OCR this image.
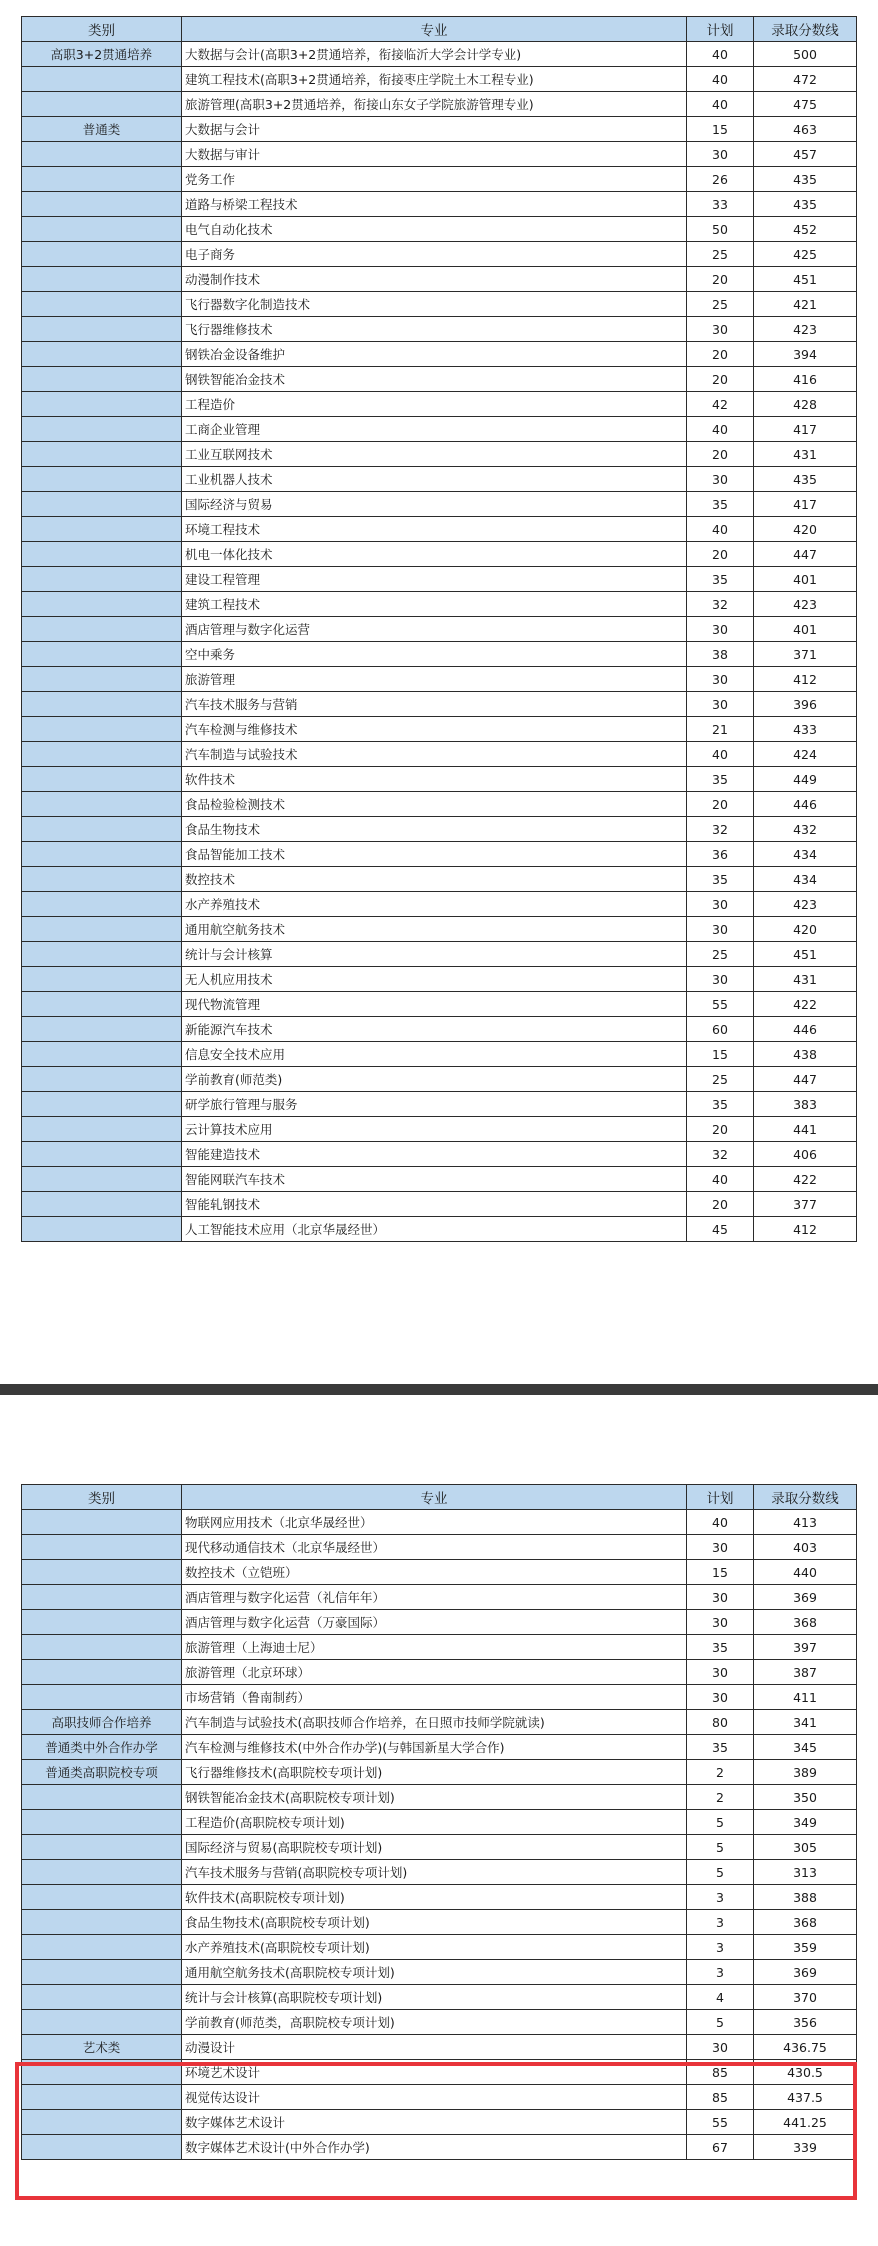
类别	专业	计划	录取分数线
高职3+2贯通培养	大数据与会计(高职3+2贯通培养，衔接临沂大学会计学专业)	40	500
	建筑工程技术(高职3+2贯通培养，衔接枣庄学院土木工程专业)	40	472
	旅游管理(高职3+2贯通培养，衔接山东女子学院旅游管理专业)	40	475
普通类	大数据与会计	15	463
	大数据与审计	30	457
	党务工作	26	435
	道路与桥梁工程技术	33	435
	电气自动化技术	50	452
	电子商务	25	425
	动漫制作技术	20	451
	飞行器数字化制造技术	25	421
	飞行器维修技术	30	423
	钢铁冶金设备维护	20	394
	钢铁智能冶金技术	20	416
	工程造价	42	428
	工商企业管理	40	417
	工业互联网技术	20	431
	工业机器人技术	30	435
	国际经济与贸易	35	417
	环境工程技术	40	420
	机电一体化技术	20	447
	建设工程管理	35	401
	建筑工程技术	32	423
	酒店管理与数字化运营	30	401
	空中乘务	38	371
	旅游管理	30	412
	汽车技术服务与营销	30	396
	汽车检测与维修技术	21	433
	汽车制造与试验技术	40	424
	软件技术	35	449
	食品检验检测技术	20	446
	食品生物技术	32	432
	食品智能加工技术	36	434
	数控技术	35	434
	水产养殖技术	30	423
	通用航空航务技术	30	420
	统计与会计核算	25	451
	无人机应用技术	30	431
	现代物流管理	55	422
	新能源汽车技术	60	446
	信息安全技术应用	15	438
	学前教育(师范类)	25	447
	研学旅行管理与服务	35	383
	云计算技术应用	20	441
	智能建造技术	32	406
	智能网联汽车技术	40	422
	智能轧钢技术	20	377
	人工智能技术应用（北京华晟经世）	45	412
类别	专业	计划	录取分数线
	物联网应用技术（北京华晟经世）	40	413
	现代移动通信技术（北京华晟经世）	30	403
	数控技术（立铠班）	15	440
	酒店管理与数字化运营（礼信年年）	30	369
	酒店管理与数字化运营（万豪国际）	30	368
	旅游管理（上海迪士尼）	35	397
	旅游管理（北京环球）	30	387
	市场营销（鲁南制药）	30	411
高职技师合作培养	汽车制造与试验技术(高职技师合作培养，在日照市技师学院就读)	80	341
普通类中外合作办学	汽车检测与维修技术(中外合作办学)(与韩国新星大学合作)	35	345
普通类高职院校专项	飞行器维修技术(高职院校专项计划)	2	389
	钢铁智能冶金技术(高职院校专项计划)	2	350
	工程造价(高职院校专项计划)	5	349
	国际经济与贸易(高职院校专项计划)	5	305
	汽车技术服务与营销(高职院校专项计划)	5	313
	软件技术(高职院校专项计划)	3	388
	食品生物技术(高职院校专项计划)	3	368
	水产养殖技术(高职院校专项计划)	3	359
	通用航空航务技术(高职院校专项计划)	3	369
	统计与会计核算(高职院校专项计划)	4	370
	学前教育(师范类，高职院校专项计划)	5	356
艺术类	动漫设计	30	436.75
	环境艺术设计	85	430.5
	视觉传达设计	85	437.5
	数字媒体艺术设计	55	441.25
	数字媒体艺术设计(中外合作办学)	67	339
